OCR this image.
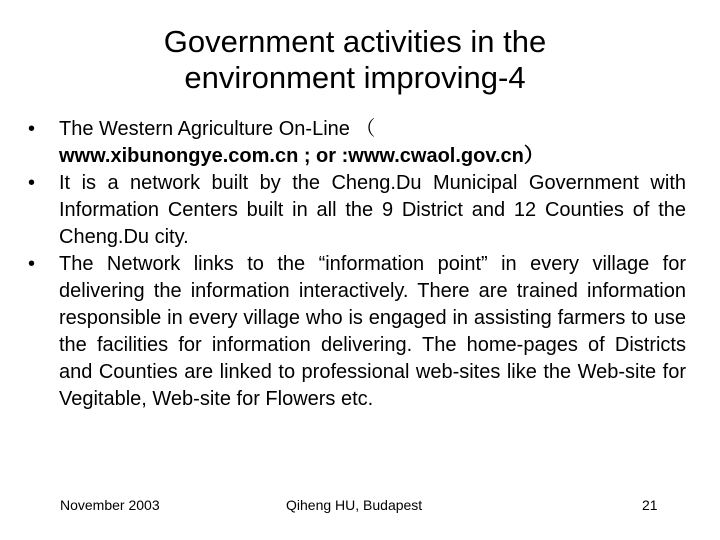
Government activities in the
environment improving-4
•	The Western Agriculture On-Line （
www.xibunongye.com.cn ; or :www.cwaol.gov.cn）
•	It is a network built by the Cheng.Du Municipal Government with Information Centers built in all the 9 District and 12 Counties of the Cheng.Du city.
•	The Network links to the “information point” in every village for delivering the information interactively. There are trained information responsible in every village who is engaged in assisting farmers to use the facilities for information delivering. The home-pages of Districts and Counties are linked to professional web-sites like the Web-site for Vegitable, Web-site for Flowers etc.
November 2003	Qiheng HU, Budapest	21
